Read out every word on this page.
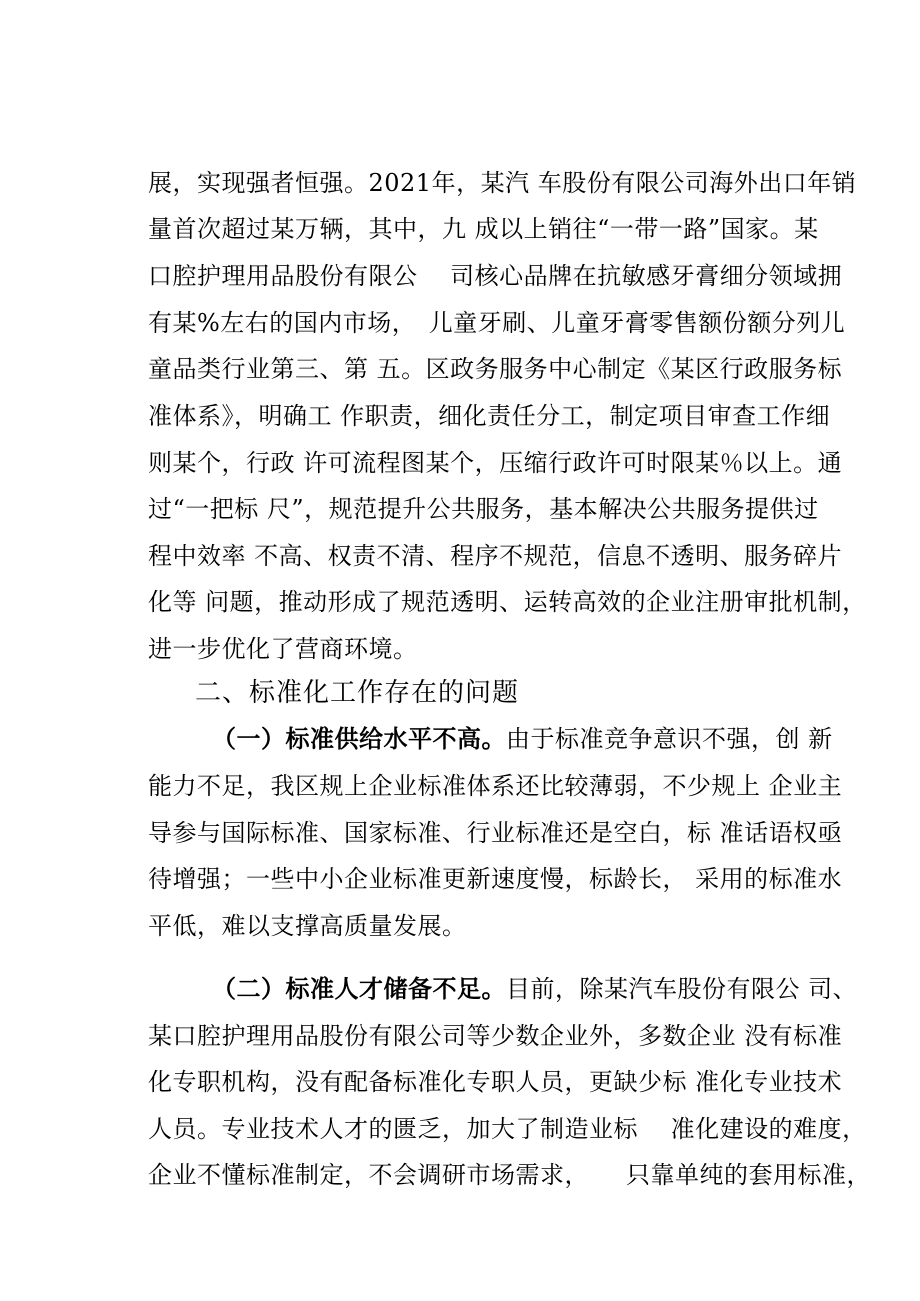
展，实现强者恒强。2021年，某汽 车股份有限公司海外出口年销
量首次超过某万辆，其中，九 成以上销往“一带一路”国家。某
口腔护理用品股份有限公　 司核心品牌在抗敏感牙膏细分领域拥
有某%左右的国内市场，　儿童牙刷、儿童牙膏零售额份额分列儿
童品类行业第三、第 五。区政务服务中心制定《某区行政服务标
准体系》，明确工 作职责，细化责任分工，制定项目审查工作细
则某个，行政 许可流程图某个，压缩行政许可时限某％以上。通
过“一把标 尺”，规范提升公共服务，基本解决公共服务提供过
程中效率 不高、权责不清、程序不规范，信息不透明、服务碎片
化等 问题，推动形成了规范透明、运转高效的企业注册审批机制，
进一步优化了营商环境。
二、标准化工作存在的问题
（一）标准供给水平不高。由于标准竞争意识不强，创 新
能力不足，我区规上企业标准体系还比较薄弱，不少规上 企业主
导参与国际标准、国家标准、行业标准还是空白，标 准话语权亟
待增强；一些中小企业标准更新速度慢，标龄长， 采用的标准水
平低，难以支撑高质量发展。
（二）标准人才储备不足。目前，除某汽车股份有限公 司、
某口腔护理用品股份有限公司等少数企业外，多数企业 没有标准
化专职机构，没有配备标准化专职人员，更缺少标 准化专业技术
人员。专业技术人才的匮乏，加大了制造业标　 准化建设的难度，
企业不懂标准制定，不会调研市场需求，　　只靠单纯的套用标准，
